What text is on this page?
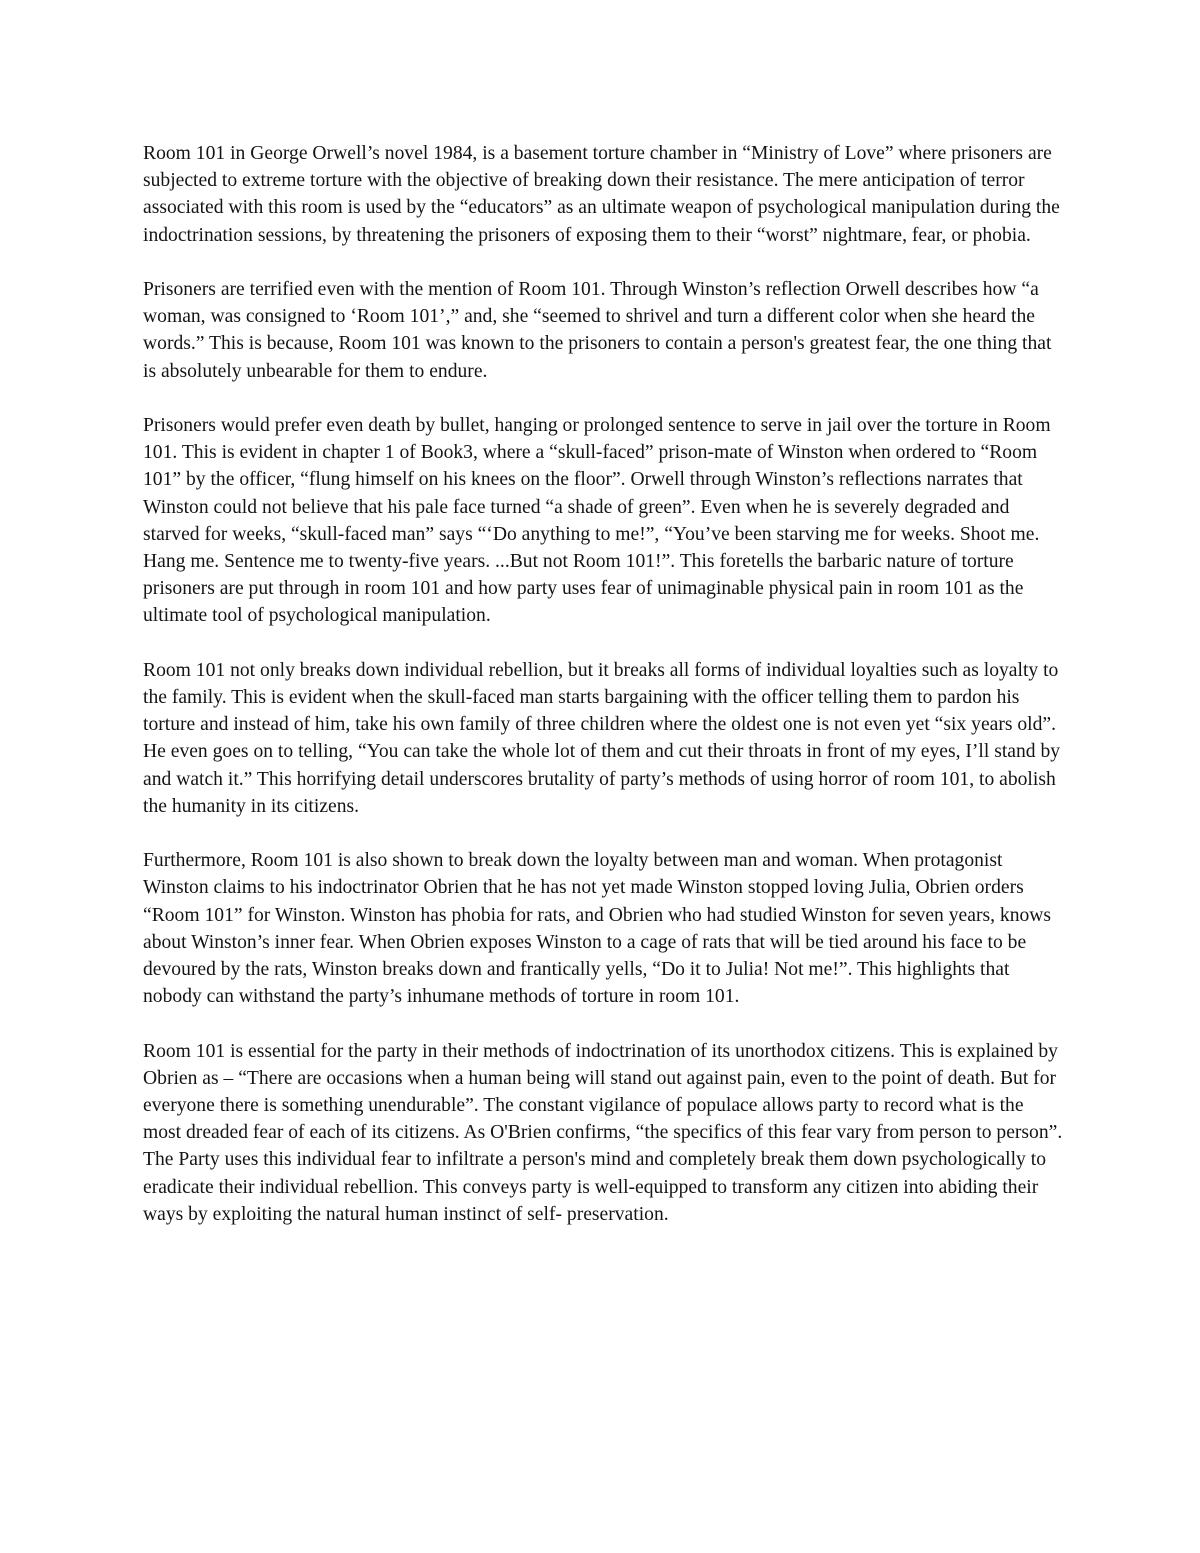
Room 101 in George Orwell’s novel 1984, is a basement torture chamber in “Ministry of Love” where prisoners are subjected to extreme torture with the objective of breaking down their resistance. The mere anticipation of terror associated with this room is used by the “educators” as an ultimate weapon of psychological manipulation during the indoctrination sessions, by threatening the prisoners of exposing them to their “worst” nightmare, fear, or phobia.

Prisoners are terrified even with the mention of Room 101. Through Winston’s reflection Orwell describes how “a woman, was consigned to ‘Room 101’,” and, she “seemed to shrivel and turn a different color when she heard the words.” This is because, Room 101 was known to the prisoners to contain a person's greatest fear, the one thing that is absolutely unbearable for them to endure.

Prisoners would prefer even death by bullet, hanging or prolonged sentence to serve in jail over the torture in Room 101. This is evident in chapter 1 of Book3, where a “skull-faced” prison-mate of Winston when ordered to “Room 101” by the officer, “flung himself on his knees on the floor”. Orwell through Winston’s reflections narrates that Winston could not believe that his pale face turned “a shade of green”. Even when he is severely degraded and starved for weeks, “skull-faced man” says “‘Do anything to me!”, “You’ve been starving me for weeks. Shoot me. Hang me. Sentence me to twenty-five years. ...But not Room 101!”. This foretells the barbaric nature of torture prisoners are put through in room 101 and how party uses fear of unimaginable physical pain in room 101 as the ultimate tool of psychological manipulation.

Room 101 not only breaks down individual rebellion, but it breaks all forms of individual loyalties such as loyalty to the family. This is evident when the skull-faced man starts bargaining with the officer telling them to pardon his torture and instead of him, take his own family of three children where the oldest one is not even yet “six years old”. He even goes on to telling, “You can take the whole lot of them and cut their throats in front of my eyes, I’ll stand by and watch it.” This horrifying detail underscores brutality of party’s methods of using horror of room 101, to abolish the humanity in its citizens.

Furthermore, Room 101 is also shown to break down the loyalty between man and woman. When protagonist Winston claims to his indoctrinator Obrien that he has not yet made Winston stopped loving Julia, Obrien orders “Room 101” for Winston. Winston has phobia for rats, and Obrien who had studied Winston for seven years, knows about Winston’s inner fear. When Obrien exposes Winston to a cage of rats that will be tied around his face to be devoured by the rats, Winston breaks down and frantically yells, “Do it to Julia! Not me!”. This highlights that nobody can withstand the party’s inhumane methods of torture in room 101.

Room 101 is essential for the party in their methods of indoctrination of its unorthodox citizens. This is explained by Obrien as – “There are occasions when a human being will stand out against pain, even to the point of death. But for everyone there is something unendurable”. The constant vigilance of populace allows party to record what is the most dreaded fear of each of its citizens. As O'Brien confirms, “the specifics of this fear vary from person to person”. The Party uses this individual fear to infiltrate a person's mind and completely break them down psychologically to eradicate their individual rebellion. This conveys party is well-equipped to transform any citizen into abiding their ways by exploiting the natural human instinct of self- preservation.
